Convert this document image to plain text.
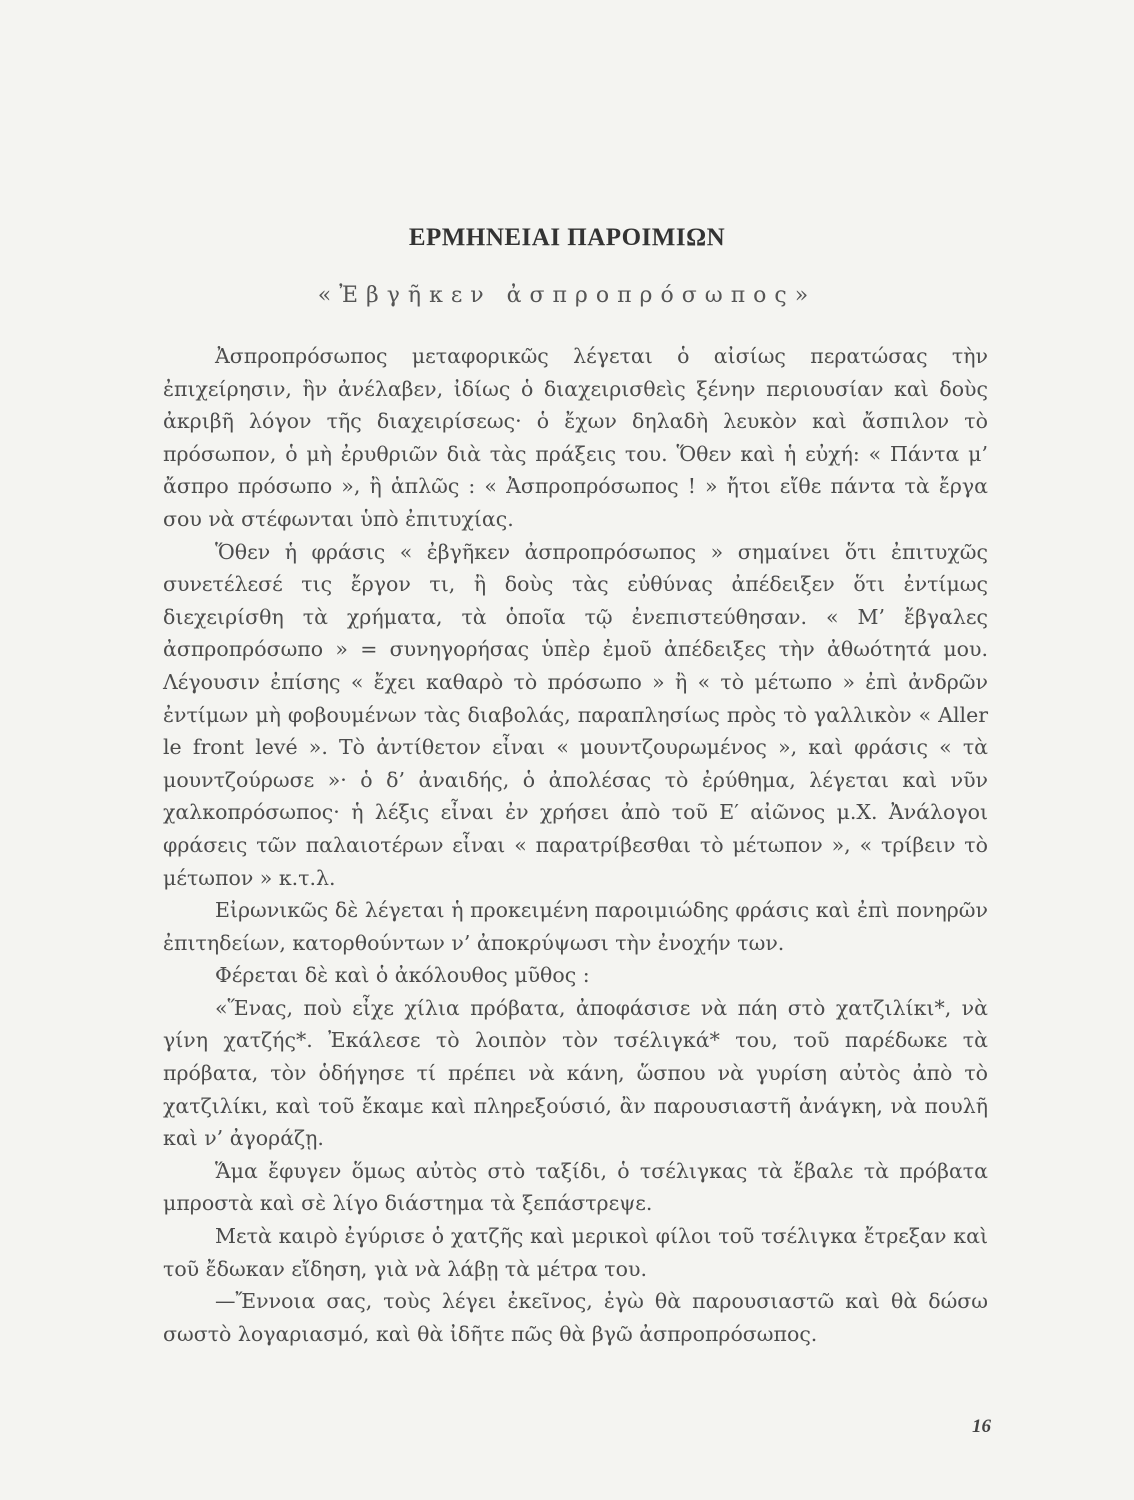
ΕΡΜΗΝΕΙΑΙ ΠΑΡΟΙΜΙΩΝ
«Ἐβγῆκεν ἀσπροπρόσωπος»

Ἀσπροπρόσωπος μεταφορικῶς λέγεται ὁ αἰσίως περατώσας τὴν ἐπιχείρησιν, ἣν ἀνέλαβεν, ἰδίως ὁ διαχειρισθεὶς ξένην περιουσίαν καὶ δοὺς ἀκριβῆ λόγον τῆς διαχειρίσεως· ὁ ἔχων δηλαδὴ λευκὸν καὶ ἄσπιλον τὸ πρόσωπον, ὁ μὴ ἐρυθριῶν διὰ τὰς πράξεις του. Ὅθεν καὶ ἡ εὐχή: « Πάντα μ’ ἄσπρο πρόσωπο », ἢ ἁπλῶς : « Ἀσπροπρόσωπος ! » ἤτοι εἴθε πάντα τὰ ἔργα σου νὰ στέφωνται ὑπὸ ἐπιτυχίας.

Ὅθεν ἡ φράσις « ἐβγῆκεν ἀσπροπρόσωπος » σημαίνει ὅτι ἐπιτυχῶς συνετέλεσέ τις ἔργον τι, ἢ δοὺς τὰς εὐθύνας ἀπέδειξεν ὅτι ἐντίμως διεχειρίσθη τὰ χρήματα, τὰ ὁποῖα τῷ ἐνεπιστεύθησαν. « Μ’ ἔβγαλες ἀσπροπρόσωπο » = συνηγορήσας ὑπὲρ ἐμοῦ ἀπέδειξες τὴν ἀθωότητά μου. Λέγουσιν ἐπίσης « ἔχει καθαρὸ τὸ πρόσωπο » ἢ « τὸ μέτωπο » ἐπὶ ἀνδρῶν ἐντίμων μὴ φοβουμένων τὰς διαβολάς, παραπλησίως πρὸς τὸ γαλλικὸν « Aller le front levé ». Τὸ ἀντίθετον εἶναι « μουντζουρωμένος », καὶ φράσις « τὰ μουντζούρωσε »· ὁ δ’ ἀναιδής, ὁ ἀπολέσας τὸ ἐρύθημα, λέγεται καὶ νῦν χαλκοπρόσωπος· ἡ λέξις εἶναι ἐν χρήσει ἀπὸ τοῦ Ε′ αἰῶνος μ.Χ. Ἀνάλογοι φράσεις τῶν παλαιοτέρων εἶναι « παρατρίβεσθαι τὸ μέτωπον », « τρίβειν τὸ μέτωπον » κ.τ.λ.

Εἰρωνικῶς δὲ λέγεται ἡ προκειμένη παροιμιώδης φράσις καὶ ἐπὶ πονηρῶν ἐπιτηδείων, κατορθούντων ν’ ἀποκρύψωσι τὴν ἐνοχήν των.

Φέρεται δὲ καὶ ὁ ἀκόλουθος μῦθος :

«Ἕνας, ποὺ εἶχε χίλια πρόβατα, ἀποφάσισε νὰ πάη στὸ χατζιλίκι*, νὰ γίνη χατζής*. Ἐκάλεσε τὸ λοιπὸν τὸν τσέλιγκά* του, τοῦ παρέδωκε τὰ πρόβατα, τὸν ὁδήγησε τί πρέπει νὰ κάνη, ὥσπου νὰ γυρίση αὐτὸς ἀπὸ τὸ χατζιλίκι, καὶ τοῦ ἔκαμε καὶ πληρεξούσιό, ἂν παρουσιαστῆ ἀνάγκη, νὰ πουλῆ καὶ ν’ ἀγοράζῃ.

Ἅμα ἔφυγεν ὅμως αὐτὸς στὸ ταξίδι, ὁ τσέλιγκας τὰ ἔβαλε τὰ πρόβατα μπροστὰ καὶ σὲ λίγο διάστημα τὰ ξεπάστρεψε.

Μετὰ καιρὸ ἐγύρισε ὁ χατζῆς καὶ μερικοὶ φίλοι τοῦ τσέλιγκα ἔτρεξαν καὶ τοῦ ἔδωκαν εἴδηση, γιὰ νὰ λάβῃ τὰ μέτρα του.

—Ἔννοια σας, τοὺς λέγει ἐκεῖνος, ἐγὼ θὰ παρουσιαστῶ καὶ θὰ δώσω σωστὸ λογαριασμό, καὶ θὰ ἰδῆτε πῶς θὰ βγῶ ἀσπροπρόσωπος.

16
